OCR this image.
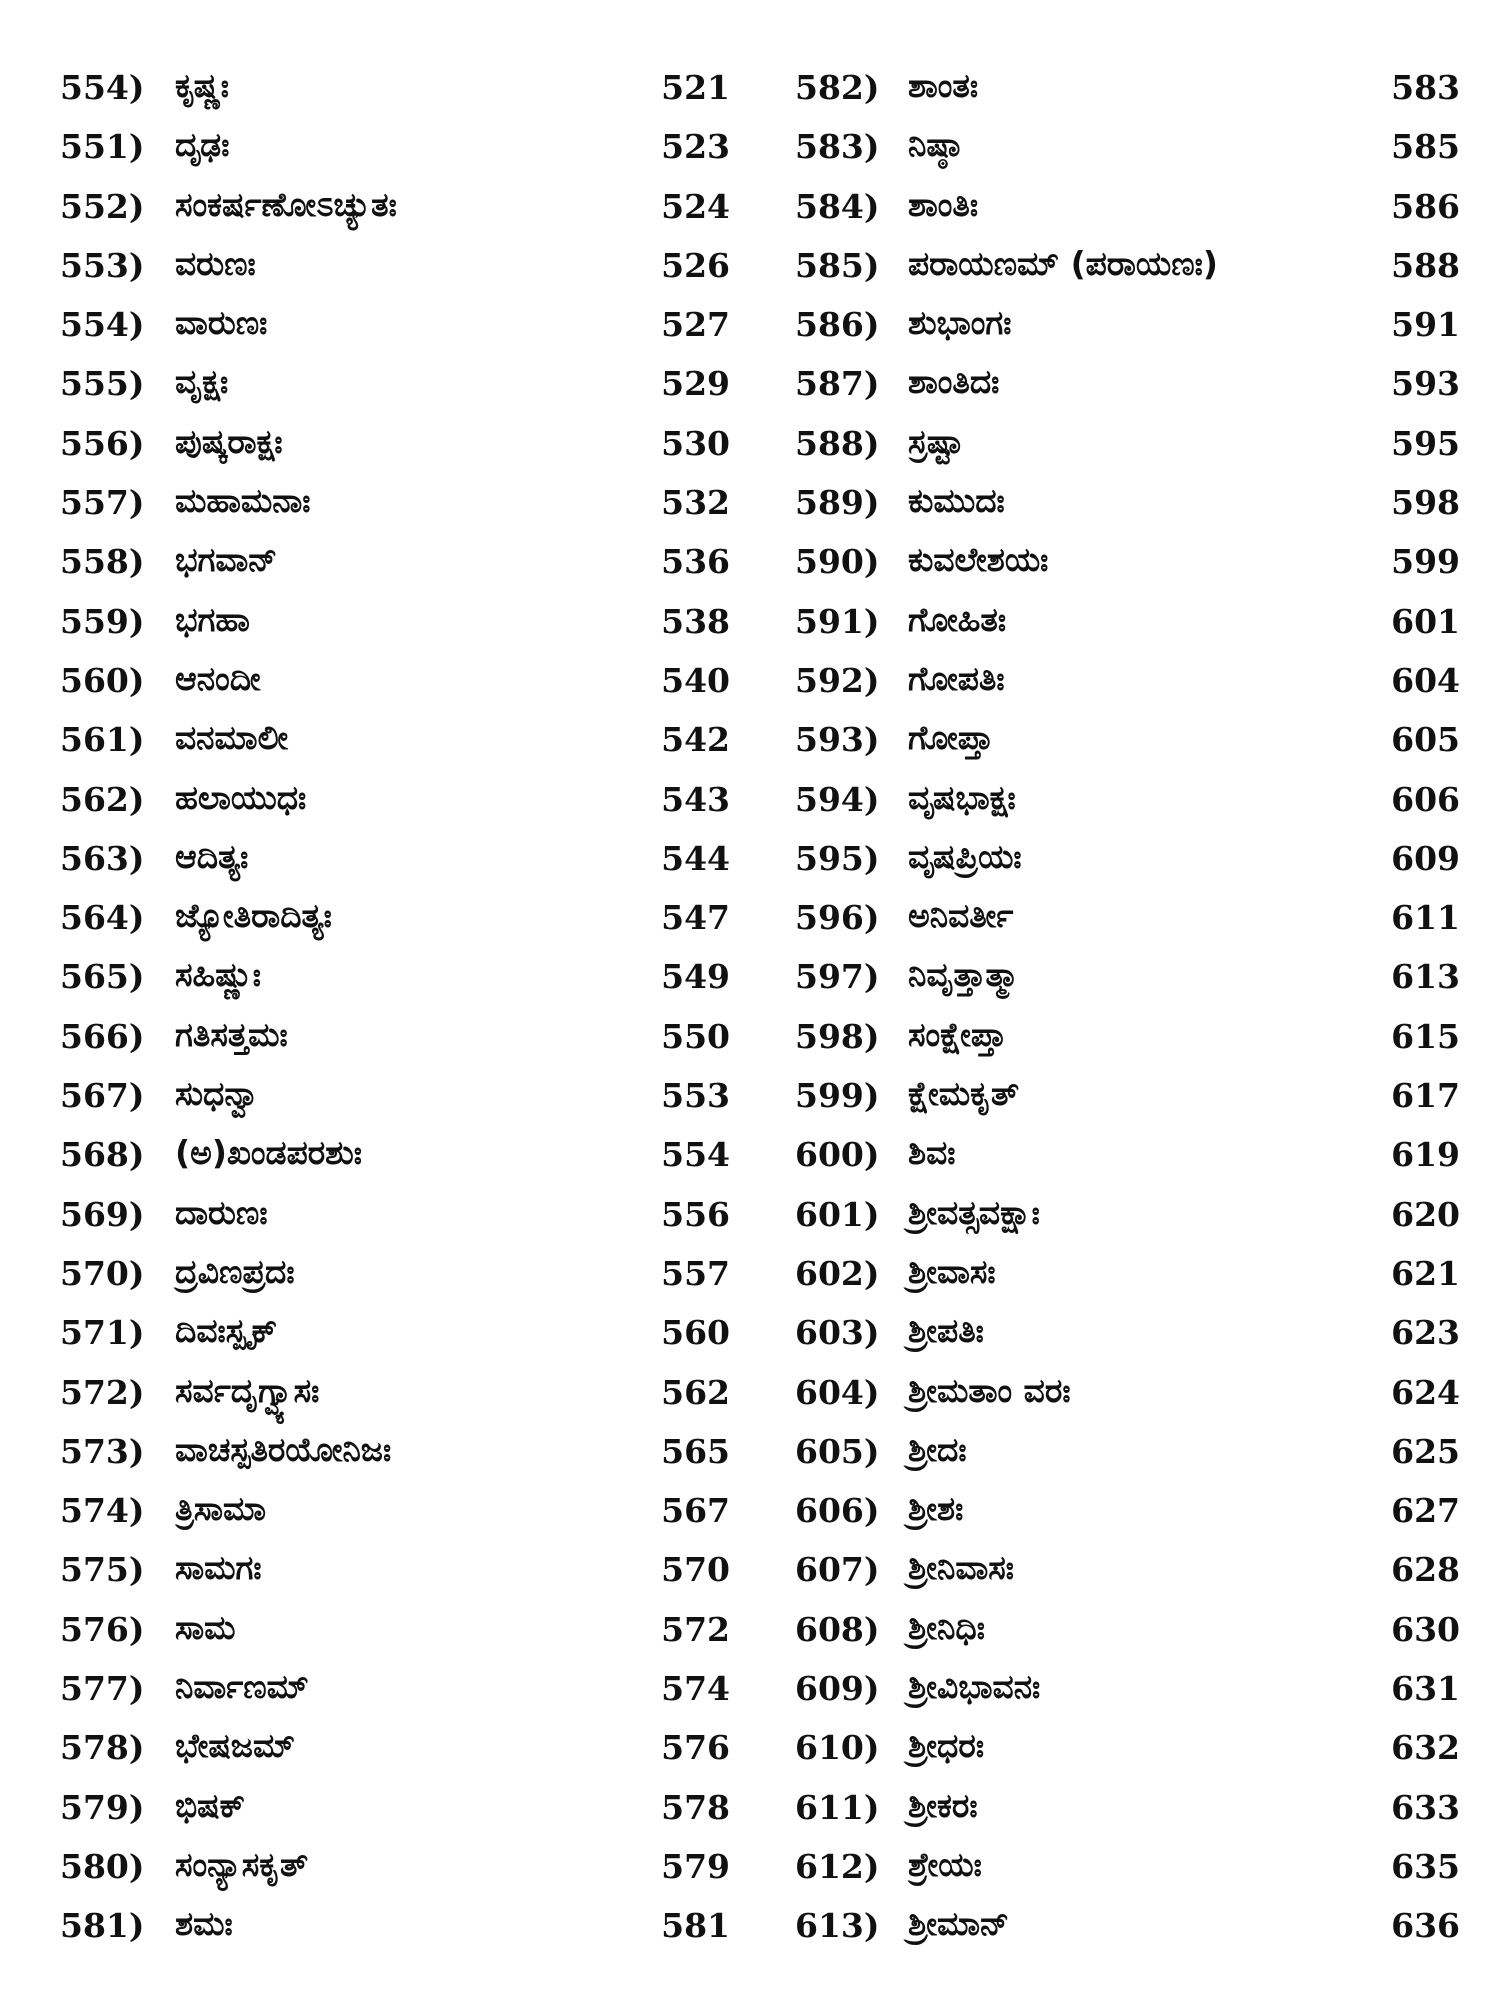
554) ಕೃಷ್ಣಃ	521
551) ದೃಢಃ	523
552) ಸಂಕರ್ಷಣೋಽಚ್ಯುತಃ	524
553) ವರುಣಃ	526
554) ವಾರುಣಃ	527
555) ವೃಕ್ಷಃ	529
556) ಪುಷ್ಕರಾಕ್ಷಃ	530
557) ಮಹಾಮನಾಃ	532
558) ಭಗವಾನ್	536
559) ಭಗಹಾ	538
560) ಆನಂದೀ	540
561) ವನಮಾಲೀ	542
562) ಹಲಾಯುಧಃ	543
563) ಆದಿತ್ಯಃ	544
564) ಜ್ಯೋತಿರಾದಿತ್ಯಃ	547
565) ಸಹಿಷ್ಣುಃ	549
566) ಗತಿಸತ್ತಮಃ	550
567) ಸುಧನ್ವಾ	553
568) (ಅ)ಖಂಡಪರಶುಃ	554
569) ದಾರುಣಃ	556
570) ದ್ರವಿಣಪ್ರದಃ	557
571) ದಿವಃಸ್ಪೃಕ್	560
572) ಸರ್ವದೃಗ್ವ್ಯಾಸಃ	562
573) ವಾಚಸ್ಪತಿರಯೋನಿಜಃ	565
574) ತ್ರಿಸಾಮಾ	567
575) ಸಾಮಗಃ	570
576) ಸಾಮ	572
577) ನಿರ್ವಾಣಮ್	574
578) ಭೇಷಜಮ್	576
579) ಭಿಷಕ್	578
580) ಸಂನ್ಯಾಸಕೃತ್	579
581) ಶಮಃ	581
582) ಶಾಂತಃ	583
583) ನಿಷ್ಠಾ	585
584) ಶಾಂತಿಃ	586
585) ಪರಾಯಣಮ್ (ಪರಾಯಣಃ)	588
586) ಶುಭಾಂಗಃ	591
587) ಶಾಂತಿದಃ	593
588) ಸ್ರಷ್ಟಾ	595
589) ಕುಮುದಃ	598
590) ಕುವಲೇಶಯಃ	599
591) ಗೋಹಿತಃ	601
592) ಗೋಪತಿಃ	604
593) ಗೋಪ್ತಾ	605
594) ವೃಷಭಾಕ್ಷಃ	606
595) ವೃಷಪ್ರಿಯಃ	609
596) ಅನಿವರ್ತೀ	611
597) ನಿವೃತ್ತಾತ್ಮಾ	613
598) ಸಂಕ್ಷೇಪ್ತಾ	615
599) ಕ್ಷೇಮಕೃತ್	617
600) ಶಿವಃ	619
601) ಶ್ರೀವತ್ಸವಕ್ಷಾಃ	620
602) ಶ್ರೀವಾಸಃ	621
603) ಶ್ರೀಪತಿಃ	623
604) ಶ್ರೀಮತಾಂ ವರಃ	624
605) ಶ್ರೀದಃ	625
606) ಶ್ರೀಶಃ	627
607) ಶ್ರೀನಿವಾಸಃ	628
608) ಶ್ರೀನಿಧಿಃ	630
609) ಶ್ರೀವಿಭಾವನಃ	631
610) ಶ್ರೀಧರಃ	632
611) ಶ್ರೀಕರಃ	633
612) ಶ್ರೇಯಃ	635
613) ಶ್ರೀಮಾನ್	636
